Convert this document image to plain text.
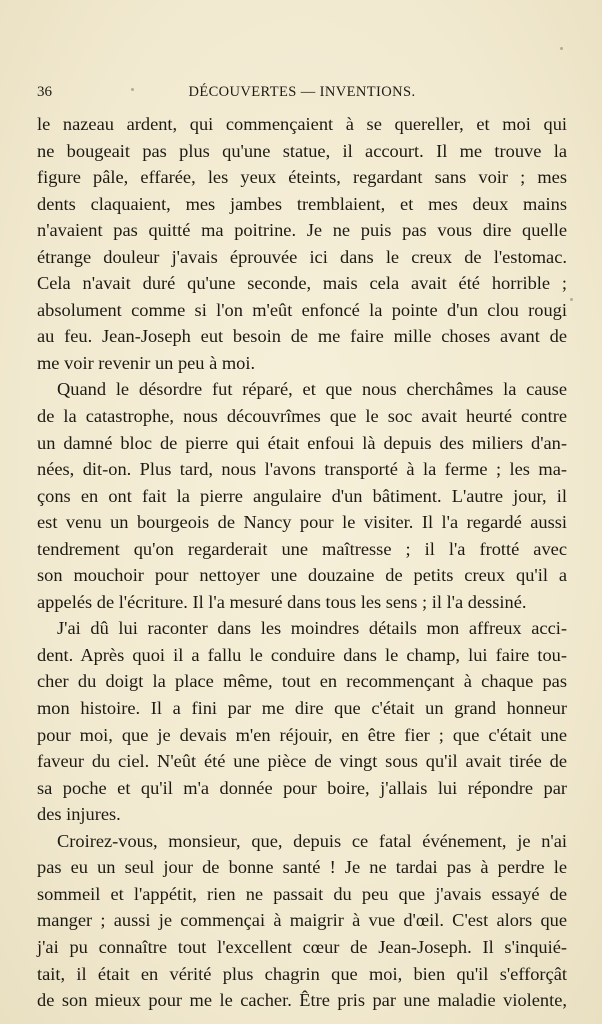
36	DÉCOUVERTES — INVENTIONS.
le nazeau ardent, qui commençaient à se quereller, et moi qui
ne bougeait pas plus qu'une statue, il accourt. Il me trouve la
figure pâle, effarée, les yeux éteints, regardant sans voir ; mes
dents claquaient, mes jambes tremblaient, et mes deux mains
n'avaient pas quitté ma poitrine. Je ne puis pas vous dire quelle
étrange douleur j'avais éprouvée ici dans le creux de l'estomac.
Cela n'avait duré qu'une seconde, mais cela avait été horrible ;
absolument comme si l'on m'eût enfoncé la pointe d'un clou rougi
au feu. Jean-Joseph eut besoin de me faire mille choses avant de
me voir revenir un peu à moi.
Quand le désordre fut réparé, et que nous cherchâmes la cause
de la catastrophe, nous découvrîmes que le soc avait heurté contre
un damné bloc de pierre qui était enfoui là depuis des miliers d'an-
nées, dit-on. Plus tard, nous l'avons transporté à la ferme ; les ma-
çons en ont fait la pierre angulaire d'un bâtiment. L'autre jour, il
est venu un bourgeois de Nancy pour le visiter. Il l'a regardé aussi
tendrement qu'on regarderait une maîtresse ; il l'a frotté avec
son mouchoir pour nettoyer une douzaine de petits creux qu'il a
appelés de l'écriture. Il l'a mesuré dans tous les sens ; il l'a dessiné.
J'ai dû lui raconter dans les moindres détails mon affreux acci-
dent. Après quoi il a fallu le conduire dans le champ, lui faire tou-
cher du doigt la place même, tout en recommençant à chaque pas
mon histoire. Il a fini par me dire que c'était un grand honneur
pour moi, que je devais m'en réjouir, en être fier ; que c'était une
faveur du ciel. N'eût été une pièce de vingt sous qu'il avait tirée de
sa poche et qu'il m'a donnée pour boire, j'allais lui répondre par
des injures.
Croirez-vous, monsieur, que, depuis ce fatal événement, je n'ai
pas eu un seul jour de bonne santé ! Je ne tardai pas à perdre le
sommeil et l'appétit, rien ne passait du peu que j'avais essayé de
manger ; aussi je commençai à maigrir à vue d'œil. C'est alors que
j'ai pu connaître tout l'excellent cœur de Jean-Joseph. Il s'inquié-
tait, il était en vérité plus chagrin que moi, bien qu'il s'efforçât
de son mieux pour me le cacher. Être pris par une maladie violente,
